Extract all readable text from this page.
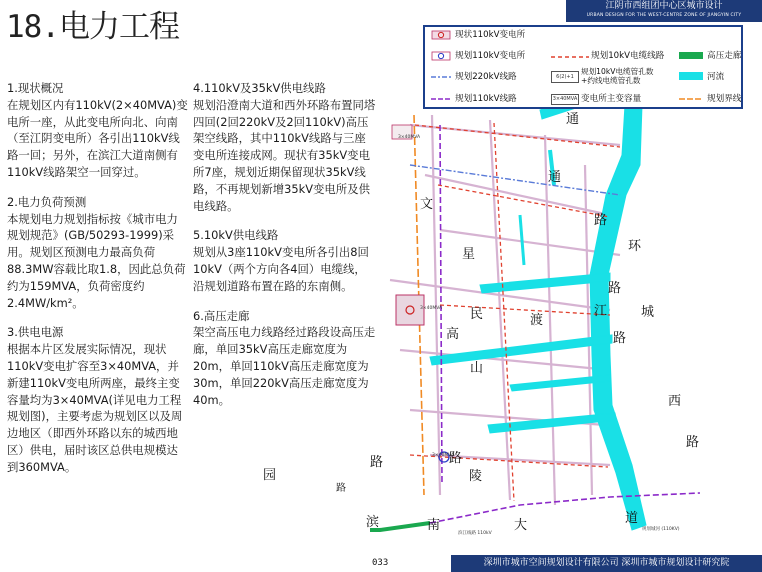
江阴市西组团中心区城市设计
URBAN DESIGN FOR THE WEST-CENTRE ZONE OF JIANGYIN CITY
18.电力工程
1.现状概况
在规划区内有110kV(2×40MVA)变电所一座，从此变电所向北、向南（至江阴变电所）各引出110kV线路一回；另外，在滨江大道南侧有110kV线路架空一回穿过。
2.电力负荷预测
本规划电力规划指标按《城市电力规划规范》(GB/50293-1999)采用。规划区预测电力最高负荷88.3MW容载比取1.8，因此总负荷约为159MVA，负荷密度约2.4MW/km²。
3.供电电源
根据本片区发展实际情况，现状110kV变电扩容至3×40MVA，并新建110kV变电所两座，最终主变容量均为3×40MVA(详见电力工程规划图)，主要考虑为规划区以及周边地区（即西外环路以东的城西地区）供电，届时该区总供电规模达到360MVA。
4.110kV及35kV供电线路
规划沿澄南大道和西外环路布置同塔四回(2回220kV及2回110kV)高压架空线路，其中110kV线路与三座变电所连接成网。现状有35kV变电所7座，规划近期保留现状35kV线路，不再规划新增35kV变电所及供电线路。
5.10kV供电线路
规划从3座110kV变电所各引出8回10kV（两个方向各4回）电缆线，沿规划道路布置在路的东南侧。
6.高压走廊
架空高压电力线路经过路段设高压走廊，单回35kV高压走廊宽度为20m，单回110kV高压走廊宽度为30m，单回220kV高压走廊宽度为40m。
通
通
文
路
环
星
路
民	渡
江	城
高	路
山
西
路
路
陵
南
滨	大	道
路
园
3×40MVA
3×40MVA
3×40MVA
滨江线路 110kV
规划城河 (110KV)
路
现状110kV变电所
规划110kV变电所	规划10kV电缆线路	高压走廊
规划220kV线路	6(2)+1
规划10kV电缆管孔数
+约线电缆管孔数	河流
规划110kV线路	3×40MVA 变电所主变容量	规划界线
033	深圳市城市空间规划设计有限公司 深圳市城市规划设计研究院
